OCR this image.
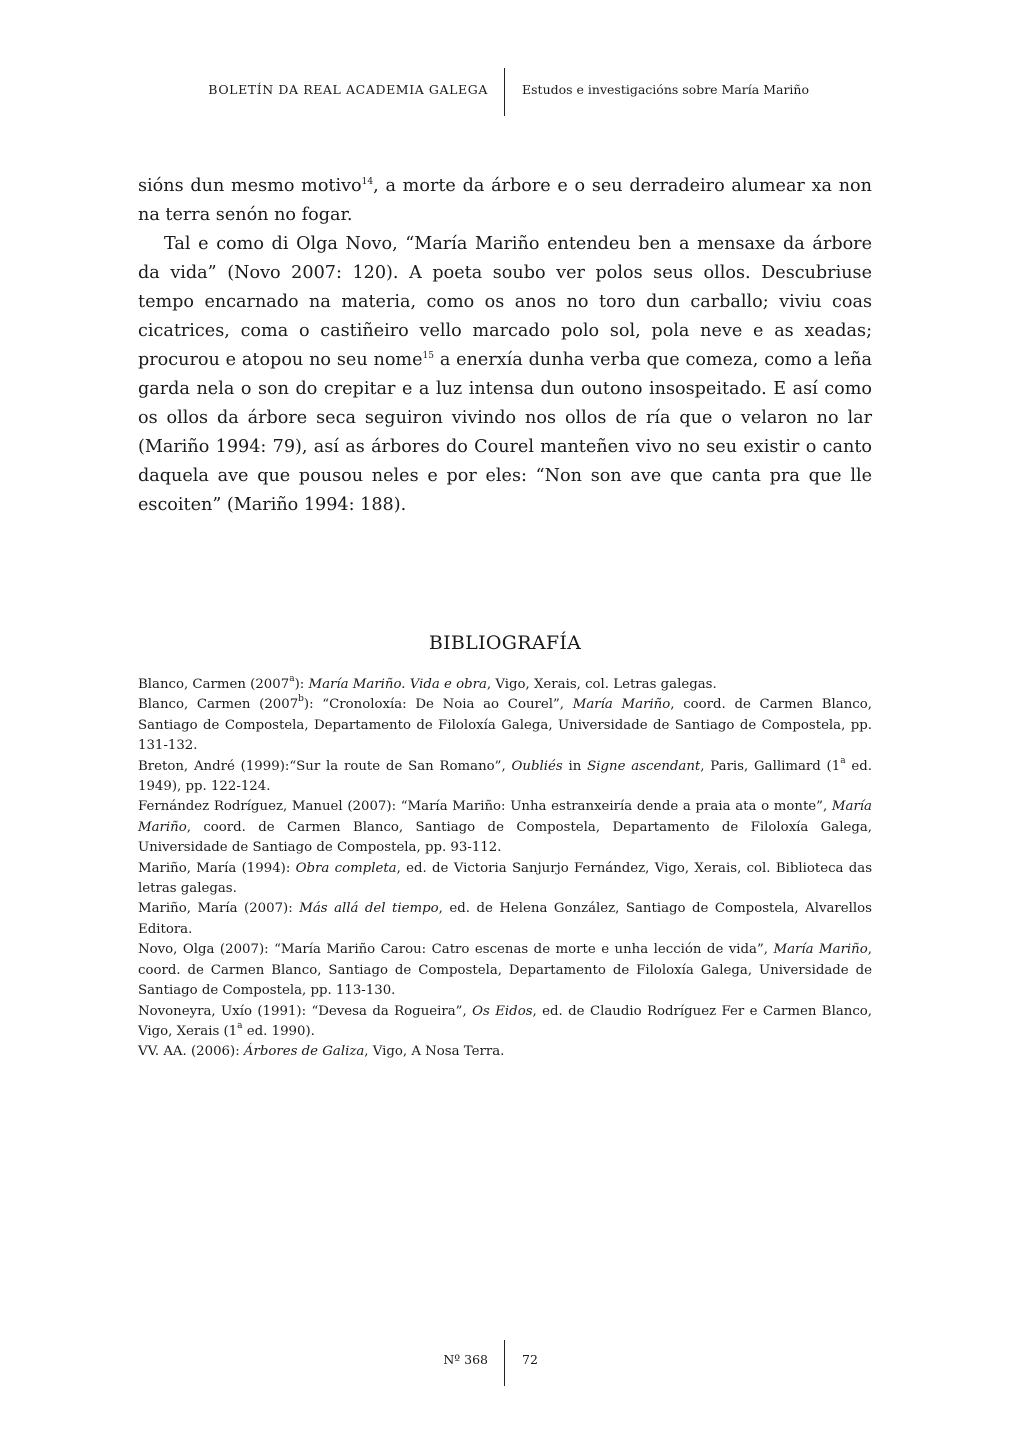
BOLETÍN DA REAL ACADEMIA GALEGA	Estudos e investigacións sobre María Mariño

sións dun mesmo motivo$^{14}$, a morte da árbore e o seu derradeiro alumear xa non na terra senón no fogar.

Tal e como di Olga Novo, “María Mariño entendeu ben a mensaxe da árbore da vida” (Novo 2007: 120). A poeta soubo ver polos seus ollos. Descubriuse tempo encarnado na materia, como os anos no toro dun carballo; viviu coas cicatrices, coma o castiñeiro vello marcado polo sol, pola neve e as xeadas; procurou e atopou no seu nome$^{15}$ a enerxía dunha verba que comeza, como a leña garda nela o son do crepitar e a luz intensa dun outono insospeitado. E así como os ollos da árbore seca seguiron vivindo nos ollos de ría que o velaron no lar (Mariño 1994: 79), así as árbores do Courel manteñen vivo no seu existir o canto daquela ave que pousou neles e por eles: “Non son ave que canta pra que lle escoiten” (Mariño 1994: 188).

BIBLIOGRAFÍA
Blanco, Carmen (2007$^a$): María Mariño. Vida e obra, Vigo, Xerais, col. Letras galegas.
Blanco, Carmen (2007$^b$): “Cronoloxía: De Noia ao Courel”, María Mariño, coord. de Carmen Blanco, Santiago de Compostela, Departamento de Filoloxía Galega, Universidade de Santiago de Compostela, pp. 131-132.
Breton, André (1999):“Sur la route de San Romano”, Oubliés in Signe ascendant, Paris, Gallimard (1$^a$ ed. 1949), pp. 122-124.
Fernández Rodríguez, Manuel (2007): “María Mariño: Unha estranxeiría dende a praia ata o monte”, María Mariño, coord. de Carmen Blanco, Santiago de Compostela, Departamento de Filoloxía Galega, Universidade de Santiago de Compostela, pp. 93-112.
Mariño, María (1994): Obra completa, ed. de Victoria Sanjurjo Fernández, Vigo, Xerais, col. Biblioteca das letras galegas.
Mariño, María (2007): Más allá del tiempo, ed. de Helena González, Santiago de Compostela, Alvarellos Editora.
Novo, Olga (2007): “María Mariño Carou: Catro escenas de morte e unha lección de vida”, María Mariño, coord. de Carmen Blanco, Santiago de Compostela, Departamento de Filoloxía Galega, Universidade de Santiago de Compostela, pp. 113-130.
Novoneyra, Uxío (1991): “Devesa da Rogueira”, Os Eidos, ed. de Claudio Rodríguez Fer e Carmen Blanco, Vigo, Xerais (1$^a$ ed. 1990).
VV. AA. (2006): Árbores de Galiza, Vigo, A Nosa Terra.
Nº 368	72
